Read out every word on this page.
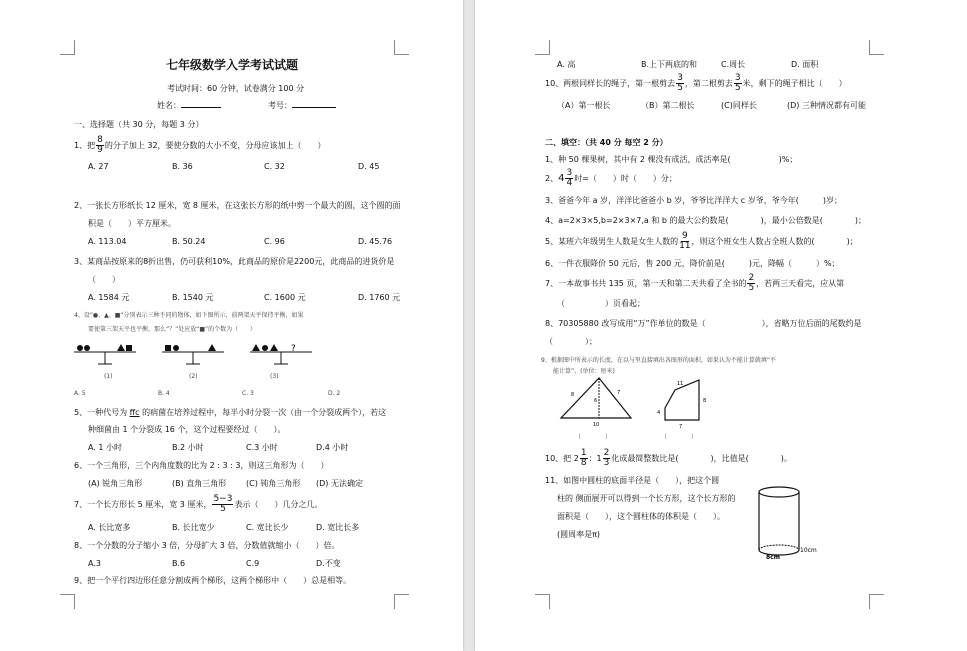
七年级数学入学考试试题
考试时间：60 分钟，试卷满分 100 分
姓名：	考号：
一、选择题（共 30 分，每题 3 分）
1、把 $\frac{8}{9}$ 的分子加上 32，要使分数的大小不变，分母应该加上（　　）
A. 27	B. 36	C. 32	D. 45
2、一张长方形纸长 12 厘米，宽 8 厘米，在这张长方形的纸中剪一个最大的圆，这个圆的面
积是（　　）平方厘米。
A. 113.04	B. 50.24	C. 96	D. 45.76
3、某商品按原来的8折出售，仍可获利10%，此商品的原价是2200元，此商品的进货价是
（　　）
A. 1584 元	B. 1540 元	C. 1600 元	D. 1760 元
4、设“●、▲、■”分别表示三种不同的物体，如下图所示，前两架天平保持平衡，如果
要使第三架天平也平衡，那么“？”处应放“■”的个数为（　　）
?
(1)	(2)	(3)
A. 5	B. 4	C. 3	D. 2
5、一种代号为 ffc 的病菌在培养过程中，每半小时分裂一次（由一个分裂成两个），若这
种细菌由 1 个分裂成 16 个，这个过程要经过（　　）。
A. 1 小时	B.2 小时	C.3 小时	D.4 小时
6、一个三角形，三个内角度数的比为 2 : 3 : 3，则这三角形为（　　）
(A) 锐角三角形	(B) 直角三角形 (C) 钝角三角形 (D) 无法确定
7、一个长方形长 5 厘米，宽 3 厘米， $\frac{5-3}{5}$ 表示（　　）几分之几。
A. 长比宽多	B. 长比宽少	C. 宽比长少	D. 宽比长多
8、一个分数的分子缩小 3 倍，分母扩大 3 倍，分数值就缩小（　　）倍。
A.3	B.6	C.9	D.不变
9、把一个平行四边形任意分割成两个梯形，这两个梯形中（　　）总是相等。
A. 高	B.上下两底的和	C.周长	D. 面积
10、两根同样长的绳子，第一根剪去 $\frac{3}{5}$ ，第二根剪去 $\frac{3}{5}$ 米，剩下的绳子相比（　　）
（A）第一根长	（B）第二根长	(C)同样长	(D) 三种情况都有可能
二、填空：（共 40 分 每空 2 分）
1、种 50 棵果树，其中有 2 棵没有成活，成活率是(　　　　　　)%；
2、$4 \frac{3}{4}$ 时=（　　）时（　　）分；
3、爸爸今年 a 岁，洋洋比爸爸小 b 岁，爷爷比洋洋大 c 岁爷，爷今年(　　　)岁；
4、a=2×3×5,b=2×3×7,a 和 b 的最大公约数是(　　　　)，最小公倍数是(　　　　)；
5、某班六年级男生人数是女生人数的 $\frac{9}{11}$ ，则这个班女生人数占全班人数的(　　　　)；
6、一件衣服降价 50 元后，售 200 元，降价前是(　　　)元，降幅（　　　）%；
7、一本故事书共 135 页，第一天和第二天共看了全书的 $\frac{2}{5}$ ，若两三天看完，应从第
（　　　　　）页看起；
8、70305880 改写成用“万”作单位的数是（　　　　　　　），省略万位后面的尾数约是
（　　　　）；
9、根据图中所表示的长度，在以与里直接填出各图形的面积，如果认为不能计算就填“不
能计算”。(单位：厘米)
6
7
8
10
11
4
8
7
（　　　　）	（　　　　）
10、把 $2 \frac{1}{8}$ ：$1 \frac{2}{3}$ 化成最简整数比是(　　　　)，比值是(　　　　)。
11、如图中圆柱的底面半径是（　　），把这个圆
柱的 侧面展开可以得到一个长方形，这个长方形的
面积是（　　），这个圆柱体的体积是（　　）。
(圆周率是π)
8cm
10cm
